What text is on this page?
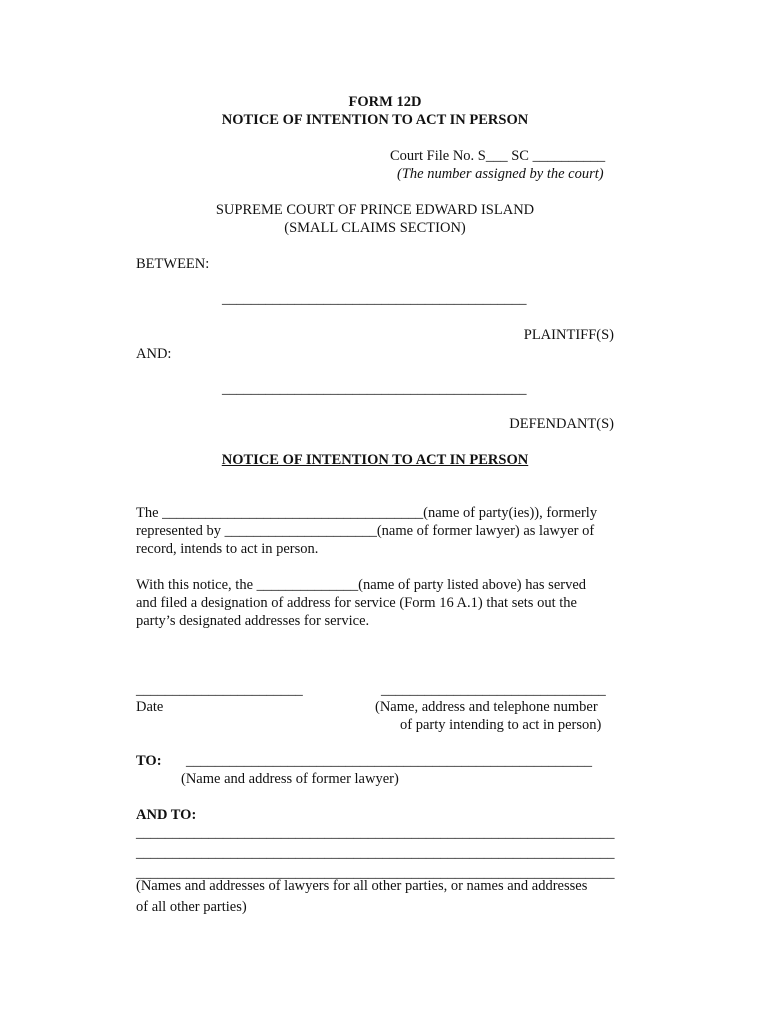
FORM 12D
NOTICE OF INTENTION TO ACT IN PERSON
Court File No. S___ SC __________
(The number assigned by the court)
SUPREME COURT OF PRINCE EDWARD ISLAND
(SMALL CLAIMS SECTION)
BETWEEN:
__________________________________________
PLAINTIFF(S)
AND:
__________________________________________
DEFENDANT(S)
NOTICE OF INTENTION TO ACT IN PERSON
The ____________________________________(name of party(ies)), formerly
represented by _____________________(name of former lawyer) as lawyer of
record, intends to act in person.
With this notice, the ______________(name of party listed above) has served
and filed a designation of address for service (Form 16 A.1) that sets out the
party’s designated addresses for service.
_______________________
Date
_______________________________
(Name, address and telephone number
of party intending to act in person)
TO: ________________________________________________________
(Name and address of former lawyer)
AND TO:
__________________________________________________________________
__________________________________________________________________
__________________________________________________________________
(Names and addresses of lawyers for all other parties, or names and addresses
of all other parties)
